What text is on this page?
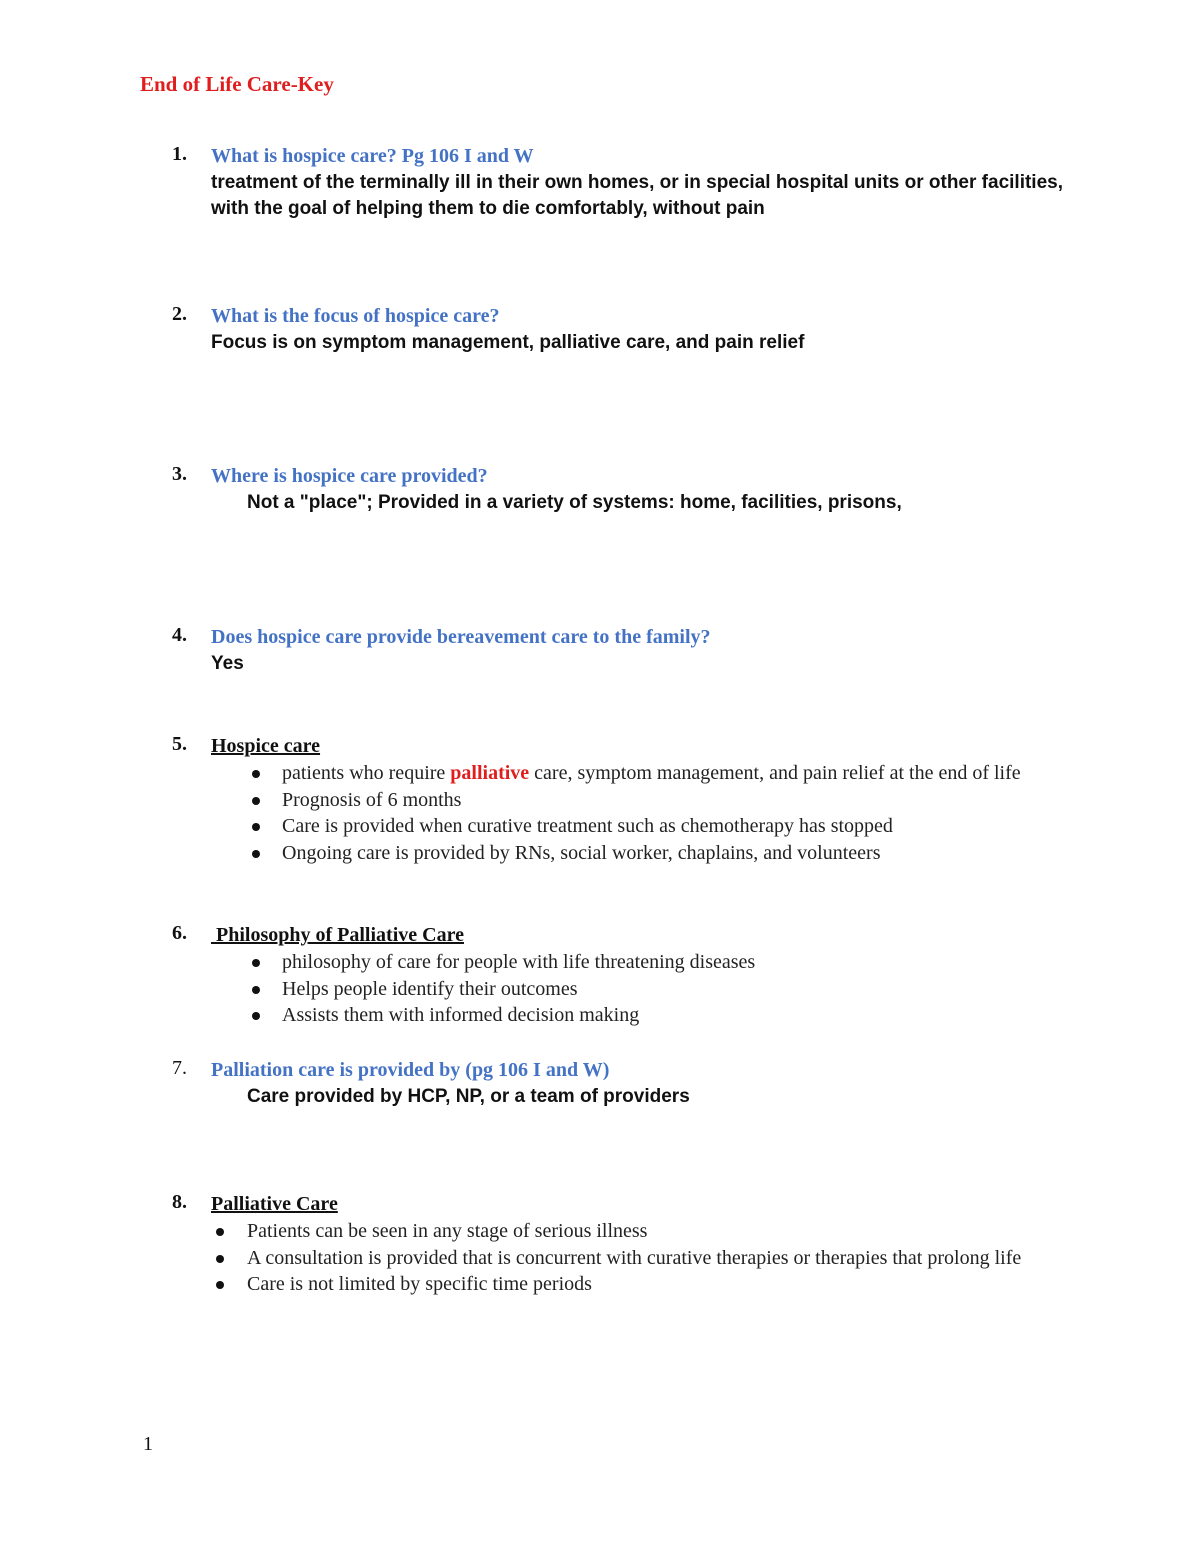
End of Life Care-Key
1. What is hospice care? Pg 106 I and W
treatment of the terminally ill in their own homes, or in special hospital units or other facilities, with the goal of helping them to die comfortably, without pain
2. What is the focus of hospice care?
Focus is on symptom management, palliative care, and pain relief
3. Where is hospice care provided?
Not a "place"; Provided in a variety of systems: home, facilities, prisons,
4. Does hospice care provide bereavement care to the family?
Yes
5. Hospice care
patients who require palliative care, symptom management, and pain relief at the end of life
Prognosis of 6 months
Care is provided when curative treatment such as chemotherapy has stopped
Ongoing care is provided by RNs, social worker, chaplains, and volunteers
6. Philosophy of Palliative Care
philosophy of care for people with life threatening diseases
Helps people identify their outcomes
Assists them with informed decision making
7. Palliation care is provided by (pg 106 I and W)
Care provided by HCP, NP, or a team of providers
8. Palliative Care
Patients can be seen in any stage of serious illness
A consultation is provided that is concurrent with curative therapies or therapies that prolong life
Care is not limited by specific time periods
1
